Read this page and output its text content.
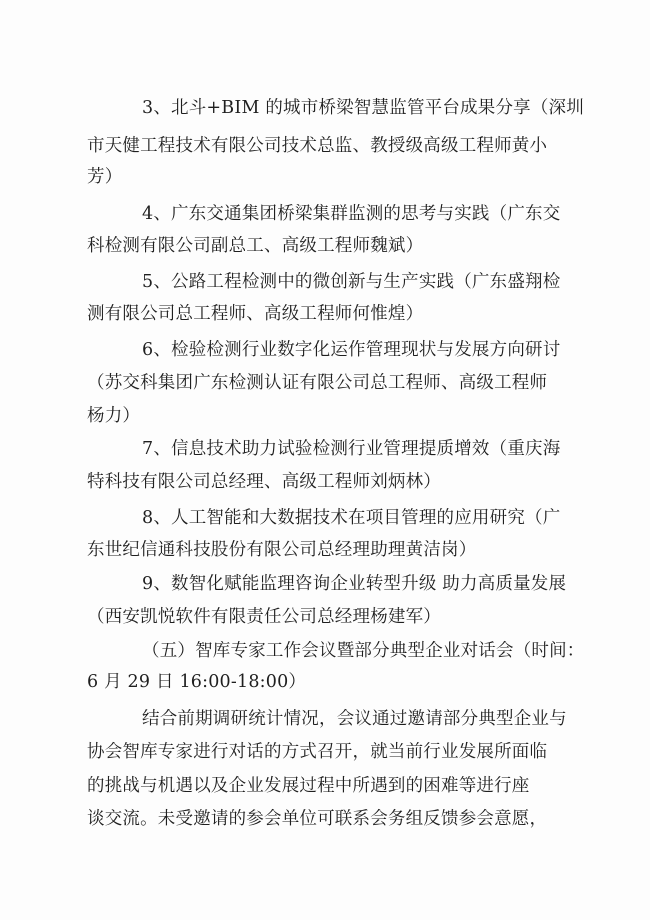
3、北斗+BIM 的城市桥梁智慧监管平台成果分享（深圳
市天健工程技术有限公司技术总监、教授级高级工程师黄小
芳）
4、广东交通集团桥梁集群监测的思考与实践（广东交
科检测有限公司副总工、高级工程师魏斌）
5、公路工程检测中的微创新与生产实践（广东盛翔检
测有限公司总工程师、高级工程师何惟煌）
6、检验检测行业数字化运作管理现状与发展方向研讨
（苏交科集团广东检测认证有限公司总工程师、高级工程师
杨力）
7、信息技术助力试验检测行业管理提质增效（重庆海
特科技有限公司总经理、高级工程师刘炳林）
8、人工智能和大数据技术在项目管理的应用研究（广
东世纪信通科技股份有限公司总经理助理黄洁岗）
9、数智化赋能监理咨询企业转型升级 助力高质量发展
（西安凯悦软件有限责任公司总经理杨建军）
（五）智库专家工作会议暨部分典型企业对话会（时间：
6 月 29 日 16:00-18:00）
结合前期调研统计情况，会议通过邀请部分典型企业与
协会智库专家进行对话的方式召开，就当前行业发展所面临
的挑战与机遇以及企业发展过程中所遇到的困难等进行座
谈交流。未受邀请的参会单位可联系会务组反馈参会意愿，
